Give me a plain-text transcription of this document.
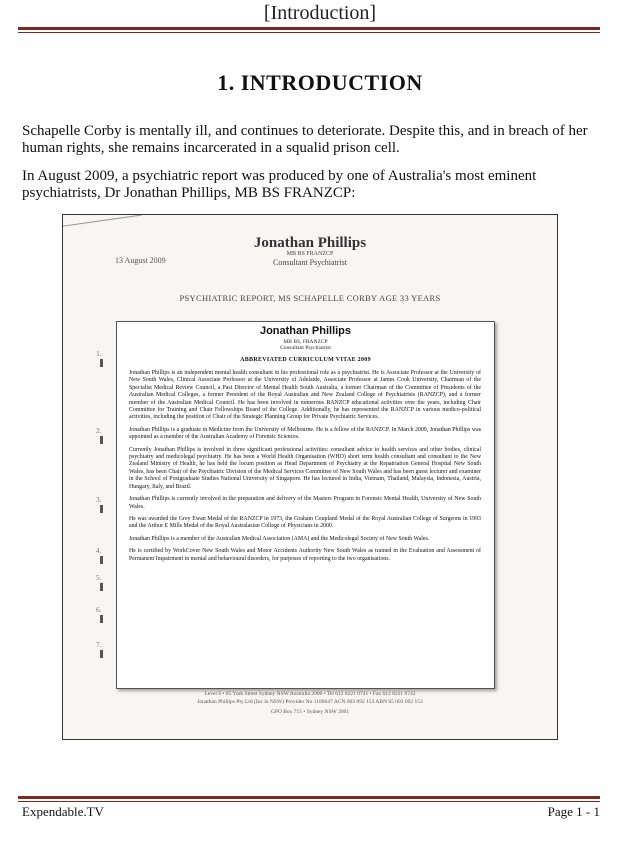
[Introduction]
1. INTRODUCTION

Schapelle Corby is mentally ill, and continues to deteriorate. Despite this, and in breach of her human rights, she remains incarcerated in a squalid prison cell.

In August 2009, a psychiatric report was produced by one of Australia's most eminent psychiatrists, Dr Jonathan Phillips, MB BS FRANZCP:

Jonathan Phillips
MB BS FRANZCP
Consultant Psychiatrist
13 August 2009
PSYCHIATRIC REPORT, MS SCHAPELLE CORBY AGE 33 YEARS
1.
2.
3.
4.
5.
6.
7.
Jonathan Phillips
MB BS, FRANZCP
Consultant Psychiatrist
ABBREVIATED CURRICULUM VITAE 2009

Jonathan Phillips is an independent mental health consultant in his professional role as a psychiatrist. He is Associate Professor at the University of New South Wales, Clinical Associate Professor at the University of Adelaide, Associate Professor at James Cook University, Chairman of the Specialist Medical Review Council, a Past Director of Mental Health South Australia, a former Chairman of the Committee of Presidents of the Australian Medical Colleges, a former President of the Royal Australian and New Zealand College of Psychiatrists (RANZCP), and a former member of the Australian Medical Council. He has been involved in numerous RANZCP educational activities over the years, including Chair Committee for Training and Chair Fellowships Board of the College. Additionally, he has represented the RANZCP in various medico-political activities, including the position of Chair of the Strategic Planning Group for Private Psychiatric Services.

Jonathan Phillips is a graduate in Medicine from the University of Melbourne. He is a fellow of the RANZCP. In March 2009, Jonathan Phillips was appointed as a member of the Australian Academy of Forensic Sciences.

Currently Jonathan Phillips is involved in three significant professional activities: consultant advice to health services and other bodies, clinical psychiatry and medicolegal psychiatry. He has been a World Health Organisation (WHO) short term health consultant and consultant to the New Zealand Ministry of Health, he has held the locum position as Head Department of Psychiatry at the Repatriation General Hospital New South Wales, has been Chair of the Psychiatric Division of the Medical Services Committee of New South Wales and has been guest lecturer and examiner in the School of Postgraduate Studies National University of Singapore. He has lectured in India, Vietnam, Thailand, Malaysia, Indonesia, Austria, Hungary, Italy, and Brazil.

Jonathan Phillips is currently involved in the preparation and delivery of the Masters Program in Forensic Mental Health, University of New South Wales.

He was awarded the Grey Ewan Medal of the RANZCP in 1973, the Graham Coupland Medal of the Royal Australian College of Surgeons in 1993 and the Arthur E Mills Medal of the Royal Australasian College of Physicians in 2000.

Jonathan Phillips is a member of the Australian Medical Association (AMA) and the Medicolegal Society of New South Wales.

He is certified by WorkCover New South Wales and Motor Accidents Authority New South Wales as trained in the Evaluation and Assessment of Permanent Impairment in mental and behavioural disorders, for purposes of reporting to the two organisations.

Level 6 • 65 York Street Sydney NSW Australia 2000 • Tel 612 8221 0741 • Fax 612 8221 0742
Jonathan Phillips Pty Ltd (Inc in NSW) Provider No 1186647 ACN 003 092 153 ABN 65 003 092 153
GPO Box 715 • Sydney NSW 2001
Expendable.TV	Page 1 - 1
